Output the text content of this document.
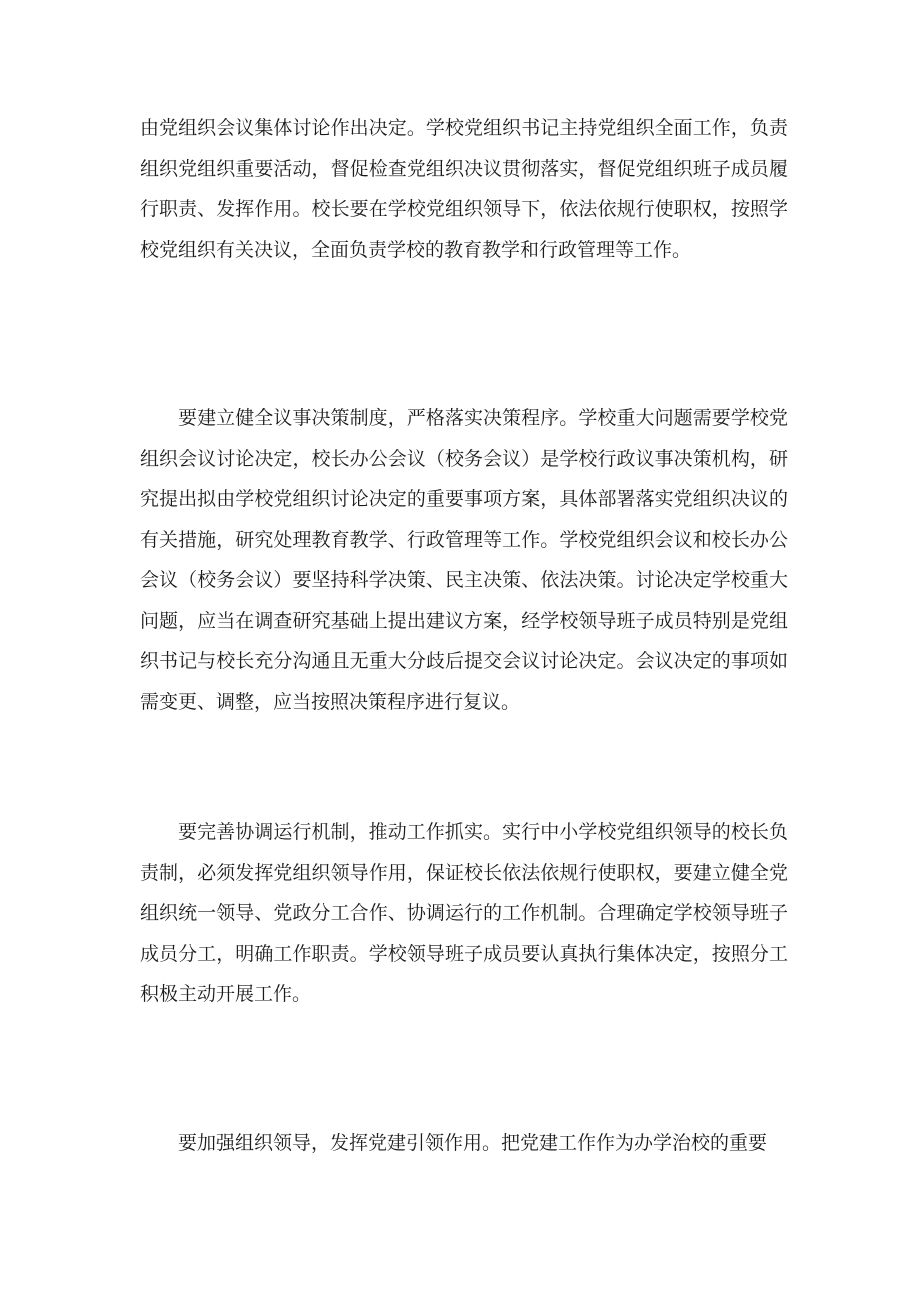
由党组织会议集体讨论作出决定。学校党组织书记主持党组织全面工作，负责组织党组织重要活动，督促检查党组织决议贯彻落实，督促党组织班子成员履行职责、发挥作用。校长要在学校党组织领导下，依法依规行使职权，按照学校党组织有关决议，全面负责学校的教育教学和行政管理等工作。

要建立健全议事决策制度，严格落实决策程序。学校重大问题需要学校党组织会议讨论决定，校长办公会议（校务会议）是学校行政议事决策机构，研究提出拟由学校党组织讨论决定的重要事项方案，具体部署落实党组织决议的有关措施，研究处理教育教学、行政管理等工作。学校党组织会议和校长办公会议（校务会议）要坚持科学决策、民主决策、依法决策。讨论决定学校重大问题，应当在调查研究基础上提出建议方案，经学校领导班子成员特别是党组织书记与校长充分沟通且无重大分歧后提交会议讨论决定。会议决定的事项如需变更、调整，应当按照决策程序进行复议。

要完善协调运行机制，推动工作抓实。实行中小学校党组织领导的校长负责制，必须发挥党组织领导作用，保证校长依法依规行使职权，要建立健全党组织统一领导、党政分工合作、协调运行的工作机制。合理确定学校领导班子成员分工，明确工作职责。学校领导班子成员要认真执行集体决定，按照分工积极主动开展工作。

要加强组织领导，发挥党建引领作用。把党建工作作为办学治校的重要
